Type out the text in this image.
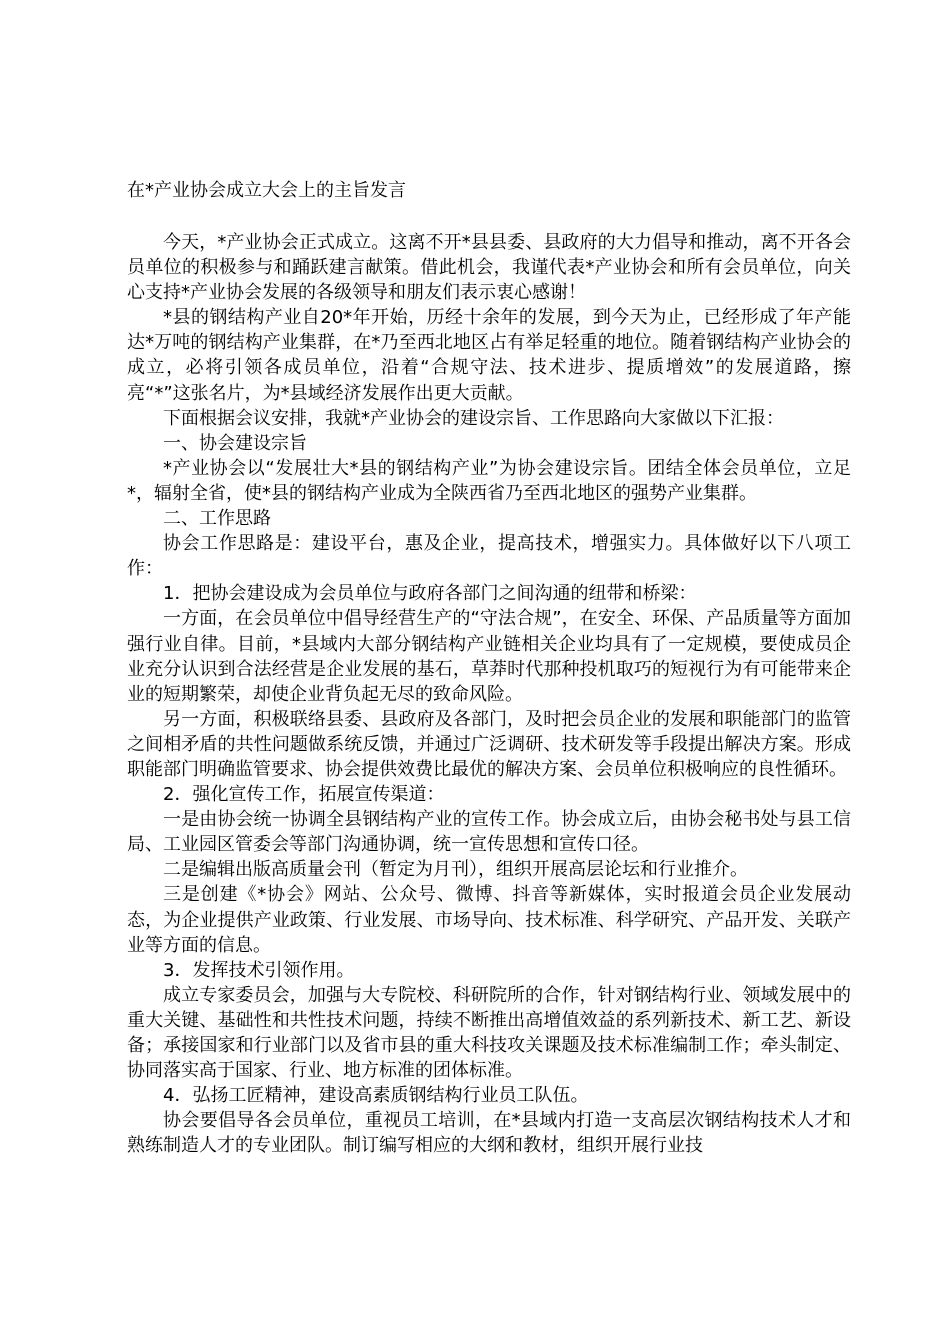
在*产业协会成立大会上的主旨发言

今天，*产业协会正式成立。这离不开*县县委、县政府的大力倡导和推动，离不开各会员单位的积极参与和踊跃建言献策。借此机会，我谨代表*产业协会和所有会员单位，向关心支持*产业协会发展的各级领导和朋友们表示衷心感谢！

*县的钢结构产业自20*年开始，历经十余年的发展，到今天为止，已经形成了年产能达*万吨的钢结构产业集群，在*乃至西北地区占有举足轻重的地位。随着钢结构产业协会的成立，必将引领各成员单位，沿着“合规守法、技术进步、提质增效”的发展道路，擦亮“*”这张名片，为*县域经济发展作出更大贡献。

下面根据会议安排，我就*产业协会的建设宗旨、工作思路向大家做以下汇报：

一、协会建设宗旨

*产业协会以“发展壮大*县的钢结构产业”为协会建设宗旨。团结全体会员单位，立足*，辐射全省，使*县的钢结构产业成为全陕西省乃至西北地区的强势产业集群。

二、工作思路

协会工作思路是：建设平台，惠及企业，提高技术，增强实力。具体做好以下八项工作：

1．把协会建设成为会员单位与政府各部门之间沟通的纽带和桥梁：

一方面，在会员单位中倡导经营生产的“守法合规”，在安全、环保、产品质量等方面加强行业自律。目前，*县域内大部分钢结构产业链相关企业均具有了一定规模，要使成员企业充分认识到合法经营是企业发展的基石，草莽时代那种投机取巧的短视行为有可能带来企业的短期繁荣，却使企业背负起无尽的致命风险。

另一方面，积极联络县委、县政府及各部门，及时把会员企业的发展和职能部门的监管之间相矛盾的共性问题做系统反馈，并通过广泛调研、技术研发等手段提出解决方案。形成职能部门明确监管要求、协会提供效费比最优的解决方案、会员单位积极响应的良性循环。

2．强化宣传工作，拓展宣传渠道：

一是由协会统一协调全县钢结构产业的宣传工作。协会成立后，由协会秘书处与县工信局、工业园区管委会等部门沟通协调，统一宣传思想和宣传口径。

二是编辑出版高质量会刊（暂定为月刊），组织开展高层论坛和行业推介。

三是创建《*协会》网站、公众号、微博、抖音等新媒体，实时报道会员企业发展动态，为企业提供产业政策、行业发展、市场导向、技术标准、科学研究、产品开发、关联产业等方面的信息。

3．发挥技术引领作用。

成立专家委员会，加强与大专院校、科研院所的合作，针对钢结构行业、领域发展中的重大关键、基础性和共性技术问题，持续不断推出高增值效益的系列新技术、新工艺、新设备；承接国家和行业部门以及省市县的重大科技攻关课题及技术标准编制工作；牵头制定、协同落实高于国家、行业、地方标准的团体标准。

4．弘扬工匠精神，建设高素质钢结构行业员工队伍。

协会要倡导各会员单位，重视员工培训，在*县域内打造一支高层次钢结构技术人才和熟练制造人才的专业团队。制订编写相应的大纲和教材，组织开展行业技
